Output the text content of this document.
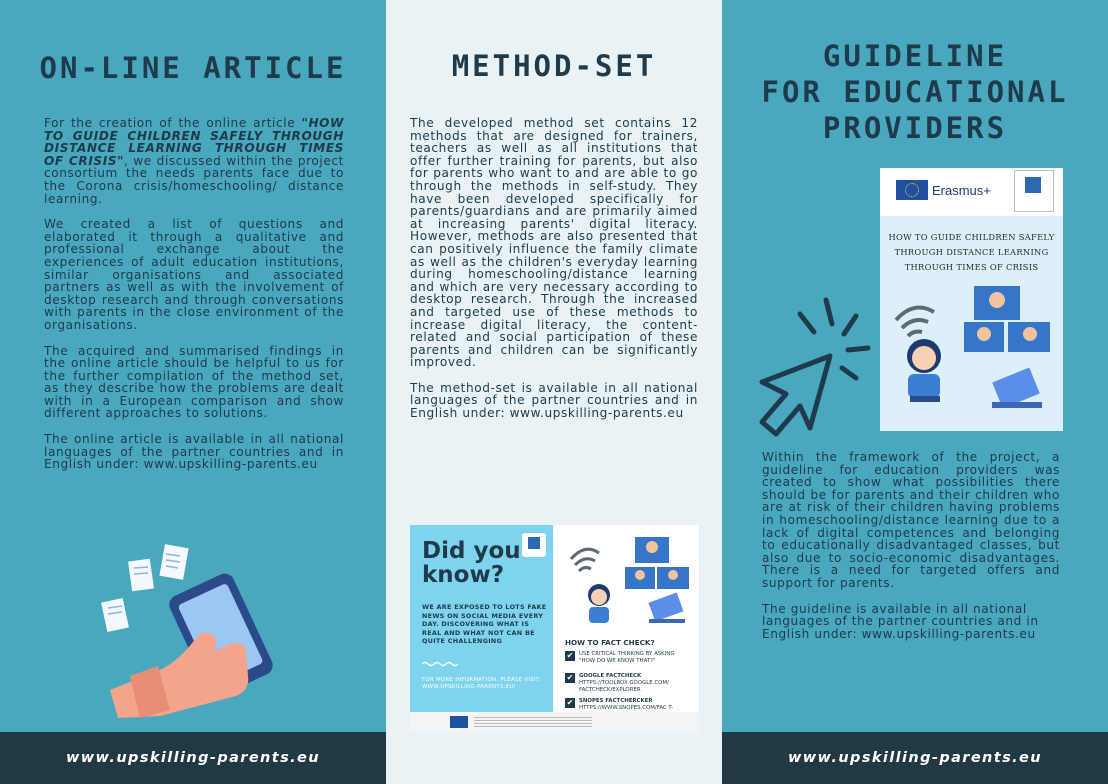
ON-LINE ARTICLE

For the creation of the online article "HOW TO GUIDE CHILDREN SAFELY THROUGH DISTANCE LEARNING THROUGH TIMES OF CRISIS", we discussed within the project consortium the needs parents face due to the Corona crisis/homeschooling/ distance learning.

We created a list of questions and elaborated it through a qualitative and professional exchange about the experiences of adult education institutions, similar organisations and associated partners as well as with the involvement of desktop research and through conversations with parents in the close environment of the organisations.

The acquired and summarised findings in the online article should be helpful to us for the further compilation of the method set, as they describe how the problems are dealt with in a European comparison and show different approaches to solutions.

The online article is available in all national languages of the partner countries and in English under: www.upskilling-parents.eu

www.upskilling-parents.eu
METHOD-SET

The developed method set contains 12 methods that are designed for trainers, teachers as well as all institutions that offer further training for parents, but also for parents who want to and are able to go through the methods in self-study. They have been developed specifically for parents/guardians and are primarily aimed at increasing parents' digital literacy. However, methods are also presented that can positively influence the family climate as well as the children's everyday learning during homeschooling/distance learning and which are very necessary according to desktop research. Through the increased and targeted use of these methods to increase digital literacy, the content-related and social participation of these parents and children can be significantly improved.

The method-set is available in all national languages of the partner countries and in English under: www.upskilling-parents.eu

Did you
know?
WE ARE EXPOSED TO LOTS FAKE NEWS ON SOCIAL MEDIA EVERY DAY. DISCOVERING WHAT IS REAL AND WHAT NOT CAN BE QUITE CHALLENGING
FOR MORE INFORMATION, PLEASE VISIT: WWW.UPSKILLING-PARENTS.EU!
HOW TO FACT CHECK?
✔ USE CRITICAL THINKING BY ASKING "HOW DO WE KNOW THAT?"
✔ GOOGLE FACTCHECK
HTTPS://TOOLBOX.GOOGLE.COM/ FACTCHECK/EXPLORER
✔ SNOPES FACTCHERCKER
HTTPS://WWW.SNOPES.COM/FAC T-
GUIDELINE
FOR EDUCATIONAL
PROVIDERS

Within the framework of the project, a guideline for education providers was created to show what possibilities there should be for parents and their children who are at risk of their children having problems in homeschooling/distance learning due to a lack of digital competences and belonging to educationally disadvantaged classes, but also due to socio-economic disadvantages. There is a need for targeted offers and support for parents.

The guideline is available in all national languages of the partner countries and in English under: www.upskilling-parents.eu

www.upskilling-parents.eu
Erasmus+
HOW TO GUIDE CHILDREN SAFELY THROUGH DISTANCE LEARNING THROUGH TIMES OF CRISIS
